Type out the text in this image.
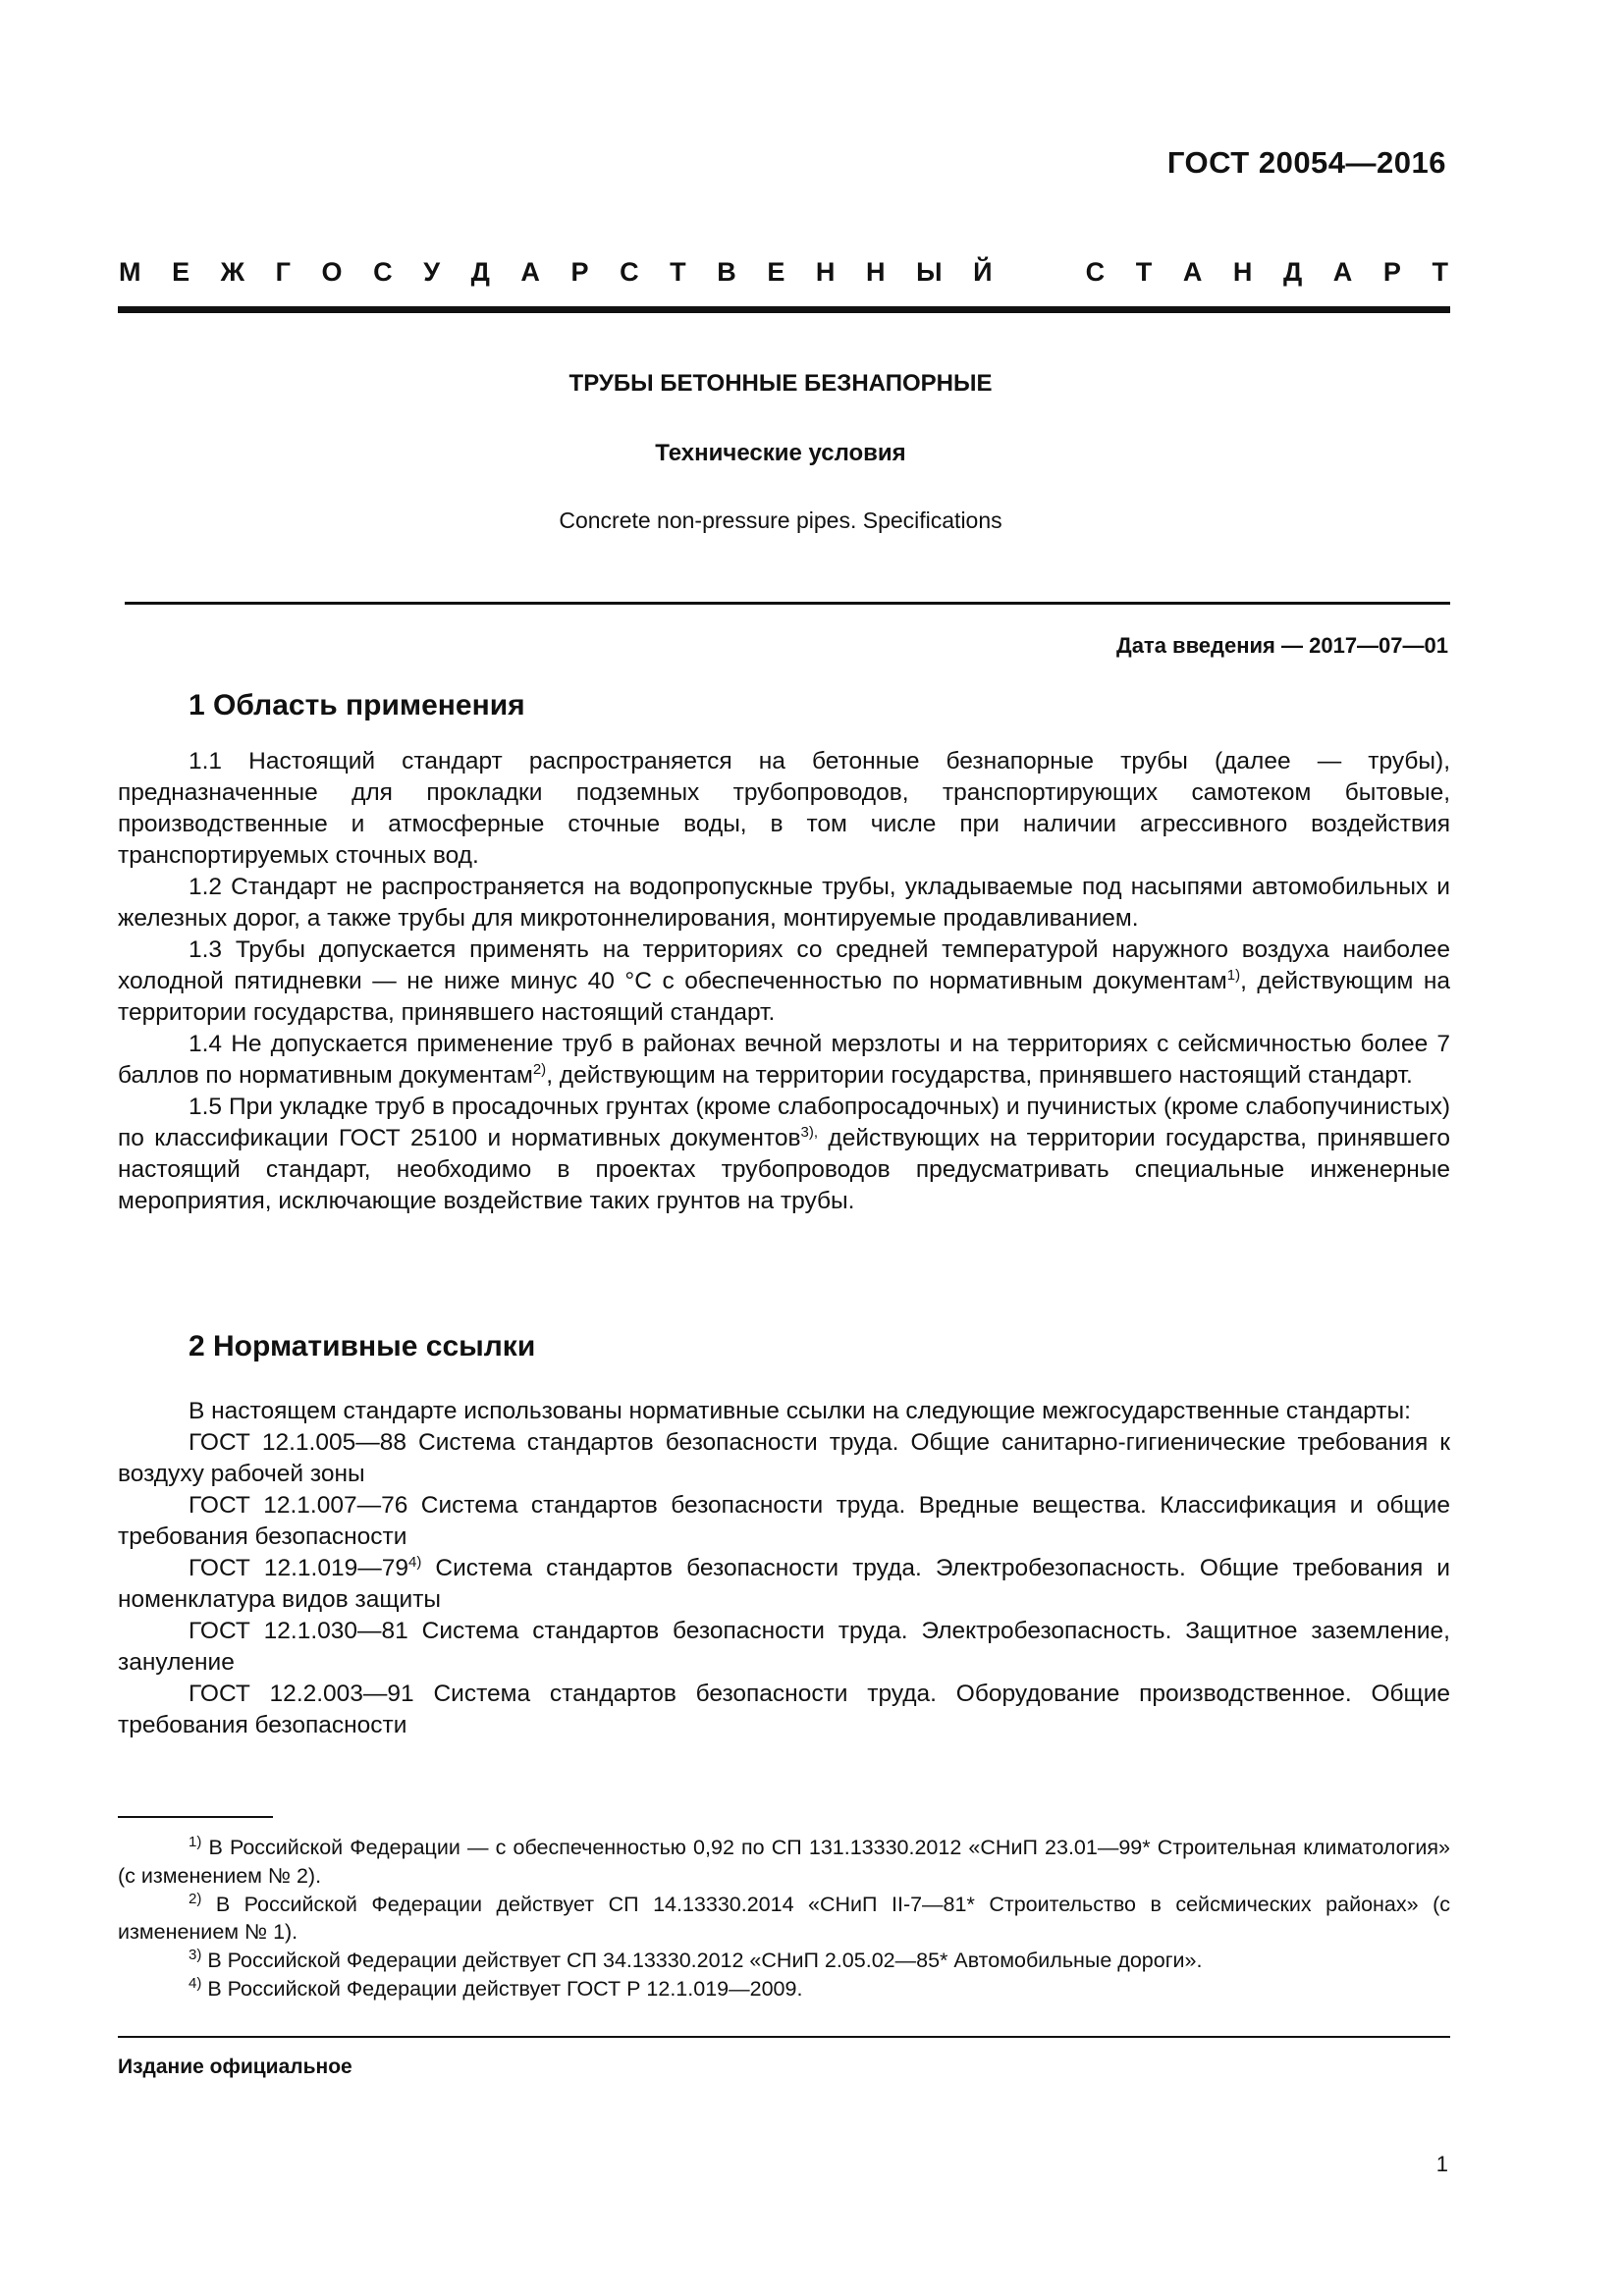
ГОСТ 20054—2016
М Е Ж Г О С У Д А Р С Т В Е Н Н Ы Й	С Т А Н Д А Р Т
ТРУБЫ БЕТОННЫЕ БЕЗНАПОРНЫЕ
Технические условия
Concrete non-pressure pipes. Specifications
Дата введения — 2017—07—01
1 Область применения

1.1 Настоящий стандарт распространяется на бетонные безнапорные трубы (далее — трубы), предназначенные для прокладки подземных трубопроводов, транспортирующих самотеком бытовые, производственные и атмосферные сточные воды, в том числе при наличии агрессивного воздействия транспортируемых сточных вод.

1.2 Стандарт не распространяется на водопропускные трубы, укладываемые под насыпями автомобильных и железных дорог, а также трубы для микротоннелирования, монтируемые продавливанием.

1.3 Трубы допускается применять на территориях со средней температурой наружного воздуха наиболее холодной пятидневки — не ниже минус 40 °С с обеспеченностью по нормативным документам$^{1)}$, действующим на территории государства, принявшего настоящий стандарт.

1.4 Не допускается применение труб в районах вечной мерзлоты и на территориях с сейсмичностью более 7 баллов по нормативным документам$^{2)}$, действующим на территории государства, принявшего настоящий стандарт.

1.5 При укладке труб в просадочных грунтах (кроме слабопросадочных) и пучинистых (кроме слабопучинистых) по классификации ГОСТ 25100 и нормативных документов$^{3),}$ действующих на территории государства, принявшего настоящий стандарт, необходимо в проектах трубопроводов предусматривать специальные инженерные мероприятия, исключающие воздействие таких грунтов на трубы.

2 Нормативные ссылки

В настоящем стандарте использованы нормативные ссылки на следующие межгосударственные стандарты:

ГОСТ 12.1.005—88 Система стандартов безопасности труда. Общие санитарно-гигиенические требования к воздуху рабочей зоны

ГОСТ 12.1.007—76 Система стандартов безопасности труда. Вредные вещества. Классификация и общие требования безопасности

ГОСТ 12.1.019—79$^{4)}$ Система стандартов безопасности труда. Электробезопасность. Общие требования и номенклатура видов защиты

ГОСТ 12.1.030—81 Система стандартов безопасности труда. Электробезопасность. Защитное заземление, зануление

ГОСТ 12.2.003—91 Система стандартов безопасности труда. Оборудование производственное. Общие требования безопасности

$^{1)}$ В Российской Федерации — с обеспеченностью 0,92 по СП 131.13330.2012 «СНиП 23.01—99* Строительная климатология» (с изменением № 2).

$^{2)}$ В Российской Федерации действует СП 14.13330.2014 «СНиП II-7—81* Строительство в сейсмических районах» (с изменением № 1).

$^{3)}$ В Российской Федерации действует СП 34.13330.2012 «СНиП 2.05.02—85* Автомобильные дороги».

$^{4)}$ В Российской Федерации действует ГОСТ Р 12.1.019—2009.

Издание официальное
1
